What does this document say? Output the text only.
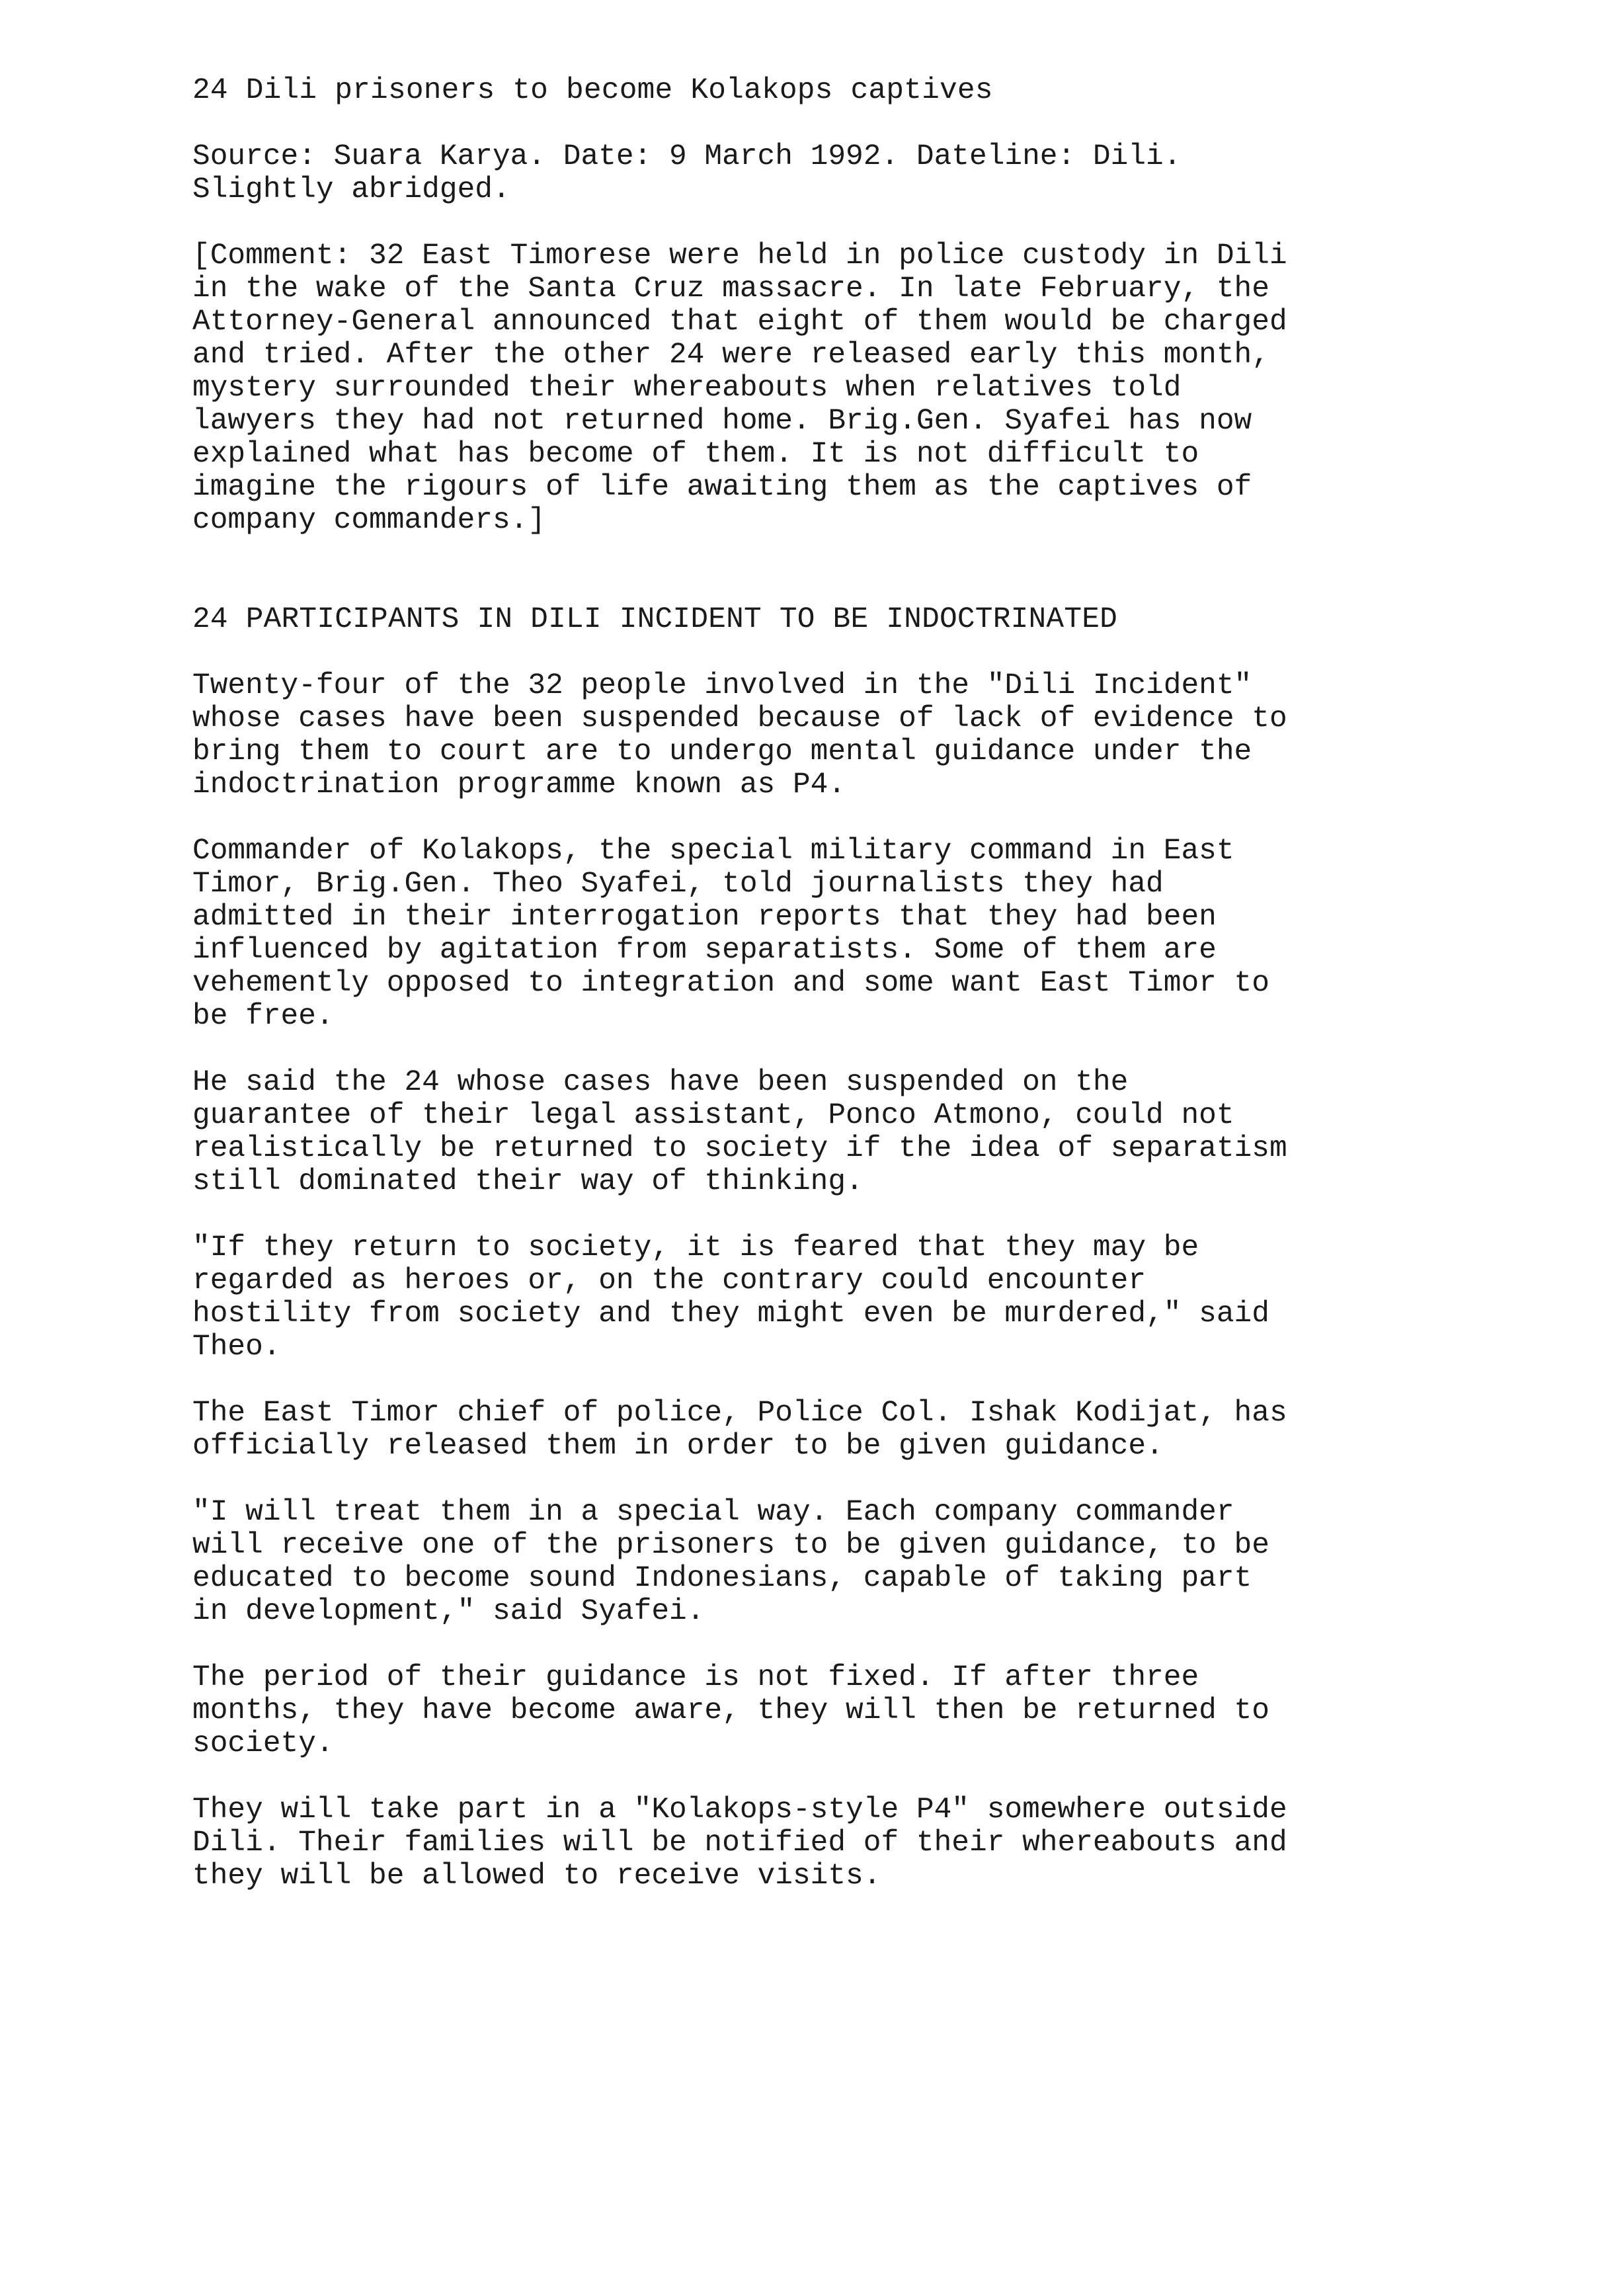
24 Dili prisoners to become Kolakops captives
Source: Suara Karya. Date: 9 March 1992. Dateline: Dili.
Slightly abridged.
[Comment: 32 East Timorese were held in police custody in Dili
in the wake of the Santa Cruz massacre. In late February, the
Attorney-General announced that eight of them would be charged
and tried. After the other 24 were released early this month,
mystery surrounded their whereabouts when relatives told
lawyers they had not returned home. Brig.Gen. Syafei has now
explained what has become of them. It is not difficult to
imagine the rigours of life awaiting them as the captives of
company commanders.]
24 PARTICIPANTS IN DILI INCIDENT TO BE INDOCTRINATED
Twenty-four of the 32 people involved in the "Dili Incident"
whose cases have been suspended because of lack of evidence to
bring them to court are to undergo mental guidance under the
indoctrination programme known as P4.
Commander of Kolakops, the special military command in East
Timor, Brig.Gen. Theo Syafei, told journalists they had
admitted in their interrogation reports that they had been
influenced by agitation from separatists. Some of them are
vehemently opposed to integration and some want East Timor to
be free.
He said the 24 whose cases have been suspended on the
guarantee of their legal assistant, Ponco Atmono, could not
realistically be returned to society if the idea of separatism
still dominated their way of thinking.
"If they return to society, it is feared that they may be
regarded as heroes or, on the contrary could encounter
hostility from society and they might even be murdered," said
Theo.
The East Timor chief of police, Police Col. Ishak Kodijat, has
officially released them in order to be given guidance.
"I will treat them in a special way. Each company commander
will receive one of the prisoners to be given guidance, to be
educated to become sound Indonesians, capable of taking part
in development," said Syafei.
The period of their guidance is not fixed. If after three
months, they have become aware, they will then be returned to
society.
They will take part in a "Kolakops-style P4" somewhere outside
Dili. Their families will be notified of their whereabouts and
they will be allowed to receive visits.
